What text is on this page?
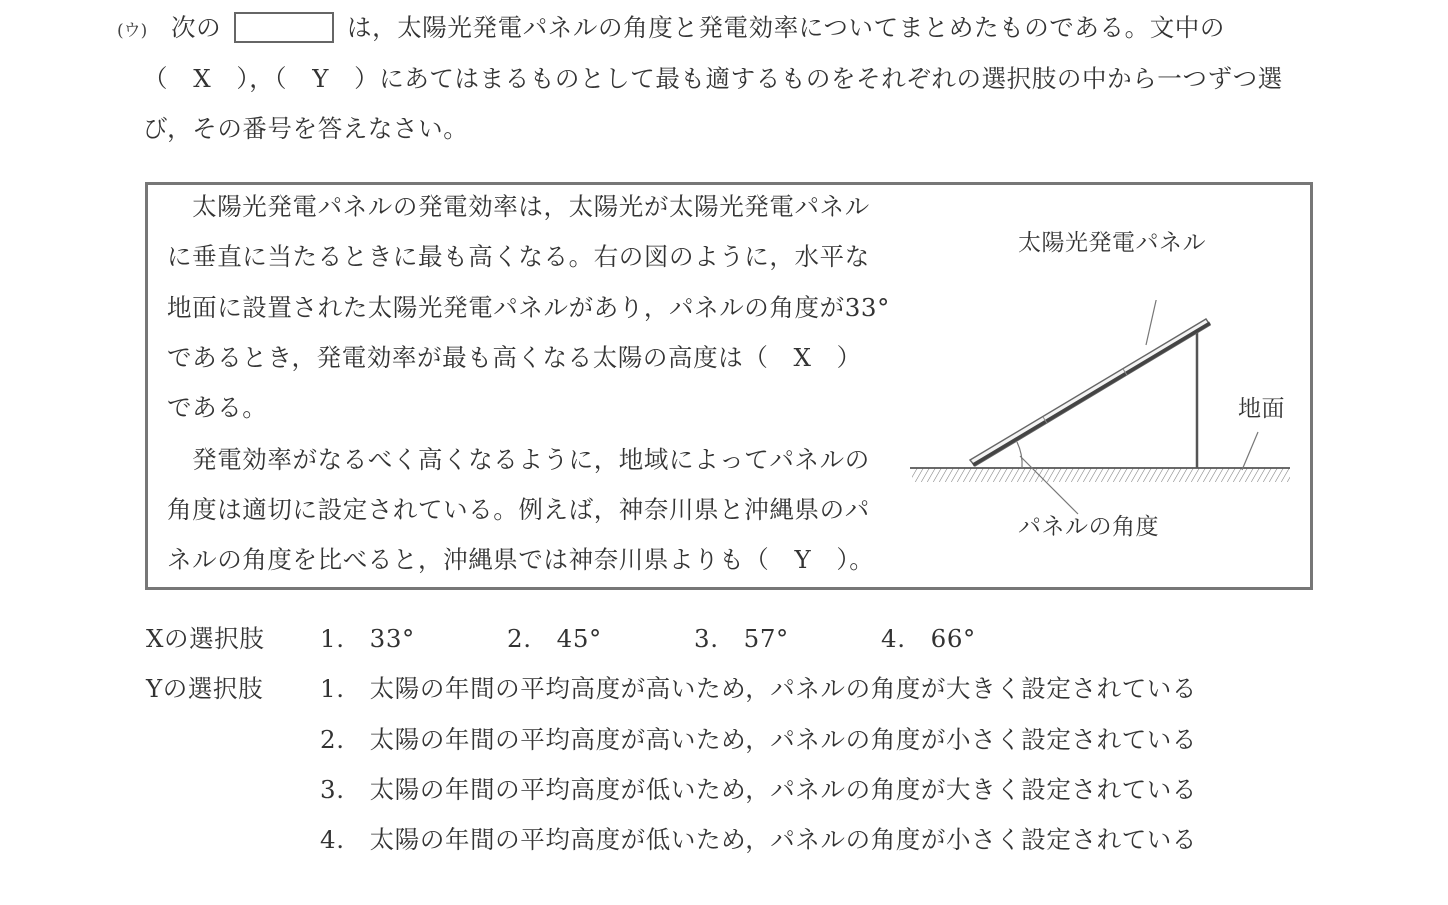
(ウ) 次の	は，太陽光発電パネルの角度と発電効率についてまとめたものである。文中の
（　X　），（　Y　）にあてはまるものとして最も適するものをそれぞれの選択肢の中から一つずつ選
び，その番号を答えなさい。
　太陽光発電パネルの発電効率は，太陽光が太陽光発電パネル
に垂直に当たるときに最も高くなる。右の図のように，水平な
地面に設置された太陽光発電パネルがあり，パネルの角度が33°
であるとき，発電効率が最も高くなる太陽の高度は（　X　）
である。
　発電効率がなるべく高くなるように，地域によってパネルの
角度は適切に設定されている。例えば，神奈川県と沖縄県のパ
ネルの角度を比べると，沖縄県では神奈川県よりも（　Y　）。
太陽光発電パネル
地面
パネルの角度
Xの選択肢 1.　33°	2.　45°	3.　57°	4.　66°
Yの選択肢 1.　太陽の年間の平均高度が高いため，パネルの角度が大きく設定されている
2.　太陽の年間の平均高度が高いため，パネルの角度が小さく設定されている
3.　太陽の年間の平均高度が低いため，パネルの角度が大きく設定されている
4.　太陽の年間の平均高度が低いため，パネルの角度が小さく設定されている
